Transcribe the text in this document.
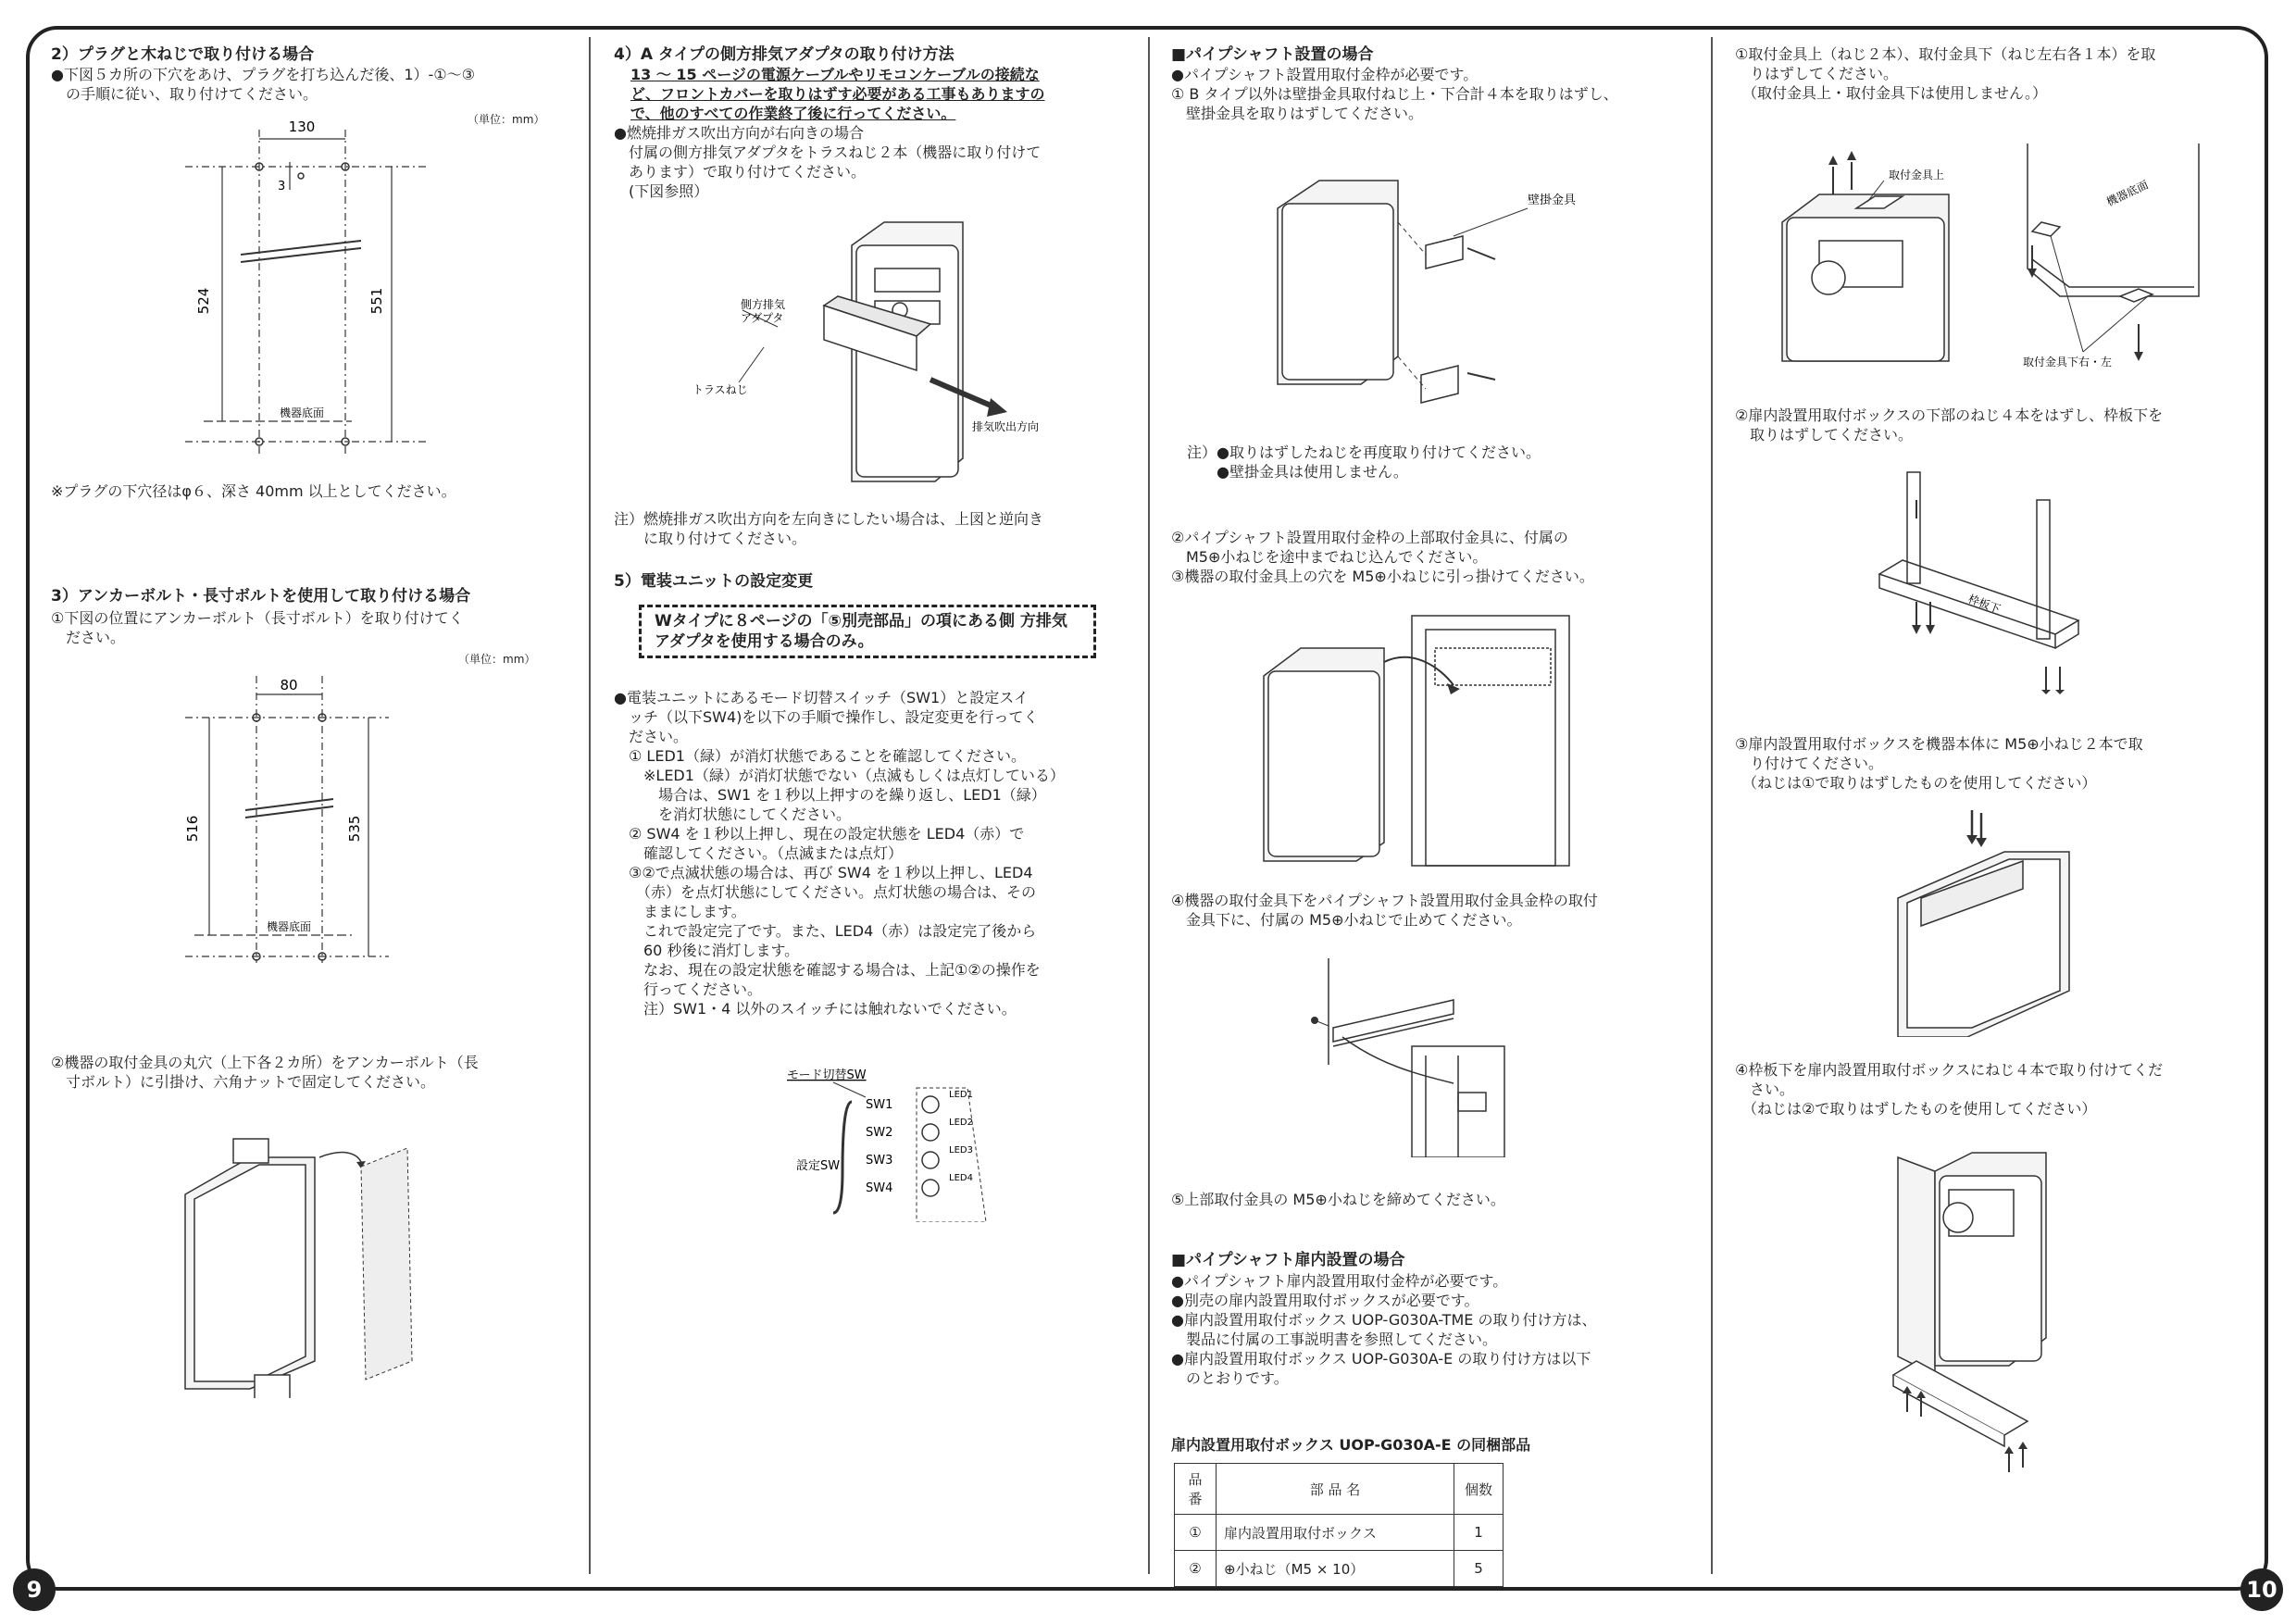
9	10

2）プラグと木ねじで取り付ける場合

●下図５カ所の下穴をあけ、プラグを打ち込んだ後、1）-①～③
　の手順に従い、取り付けてください。

（単位：mm）
130
3
524	551
機器底面

※プラグの下穴径はφ６、深さ 40mm 以上としてください。

3）アンカーボルト・長寸ボルトを使用して取り付ける場合

①下図の位置にアンカーボルト（長寸ボルト）を取り付けてく
　ださい。

（単位：mm）
80
516	535
機器底面

②機器の取付金具の丸穴（上下各２カ所）をアンカーボルト（長
　寸ボルト）に引掛け、六角ナットで固定してください。

4）A タイプの側方排気アダプタの取り付け方法

13 ～ 15 ページの電源ケーブルやリモコンケーブルの接続な
ど、フロントカバーを取りはずす必要がある工事もありますの
で、他のすべての作業終了後に行ってください。

●燃焼排ガス吹出方向が右向きの場合
　付属の側方排気アダプタをトラスねじ２本（機器に取り付けて
　あります）で取り付けてください。
　(下図参照）

側方排気アダプタ
トラスねじ
排気吹出方向

注）燃焼排ガス吹出方向を左向きにしたい場合は、上図と逆向き
　　に取り付けてください。

5）電装ユニットの設定変更

Wタイプに８ページの「⑤別売部品」の項にある側 方排気アダプタを使用する場合のみ。

●電装ユニットにあるモード切替スイッチ（SW1）と設定スイ
　ッチ（以下SW4)を以下の手順で操作し、設定変更を行ってく
　ださい。
　① LED1（緑）が消灯状態であることを確認してください。
　　※LED1（緑）が消灯状態でない（点滅もしくは点灯している）
　　　場合は、SW1 を１秒以上押すのを繰り返し、LED1（緑）
　　　を消灯状態にしてください。
　② SW4 を１秒以上押し、現在の設定状態を LED4（赤）で
　　確認してください。（点滅または点灯）
　③②で点滅状態の場合は、再び SW4 を１秒以上押し、LED4
　　（赤）を点灯状態にしてください。点灯状態の場合は、その
　　ままにします。
　　これで設定完了です。また、LED4（赤）は設定完了後から
　　60 秒後に消灯します。
　　なお、現在の設定状態を確認する場合は、上記①②の操作を
　　行ってください。
　　注）SW1・4 以外のスイッチには触れないでください。

モード切替SW
設定SW
SW1
SW2
SW3
SW4
LED1
LED2
LED3
LED4

■パイプシャフト設置の場合

●パイプシャフト設置用取付金枠が必要です。
① B タイプ以外は壁掛金具取付ねじ上・下合計４本を取りはずし、
　壁掛金具を取りはずしてください。

壁掛金具

注）●取りはずしたねじを再度取り付けてください。
　　●壁掛金具は使用しません。

②パイプシャフト設置用取付金枠の上部取付金具に、付属の
　M5⊕小ねじを途中までねじ込んでください。
③機器の取付金具上の穴を M5⊕小ねじに引っ掛けてください。

④機器の取付金具下をパイプシャフト設置用取付金具金枠の取付
　金具下に、付属の M5⊕小ねじで止めてください。

⑤上部取付金具の M5⊕小ねじを締めてください。

■パイプシャフト扉内設置の場合

●パイプシャフト扉内設置用取付金枠が必要です。
●別売の扉内設置用取付ボックスが必要です。
●扉内設置用取付ボックス UOP-G030A-TME の取り付け方は、
　製品に付属の工事説明書を参照してください。
●扉内設置用取付ボックス UOP-G030A-E の取り付け方は以下
　のとおりです。

扉内設置用取付ボックス UOP-G030A-E の同梱部品

品番	部 品 名	個数
①	扉内設置用取付ボックス	1
②	⊕小ねじ（M5 × 10）	5

①取付金具上（ねじ２本）、取付金具下（ねじ左右各１本）を取
　りはずしてください。
　（取付金具上・取付金具下は使用しません。）

取付金具上
機器底面
取付金具下右・左

②扉内設置用取付ボックスの下部のねじ４本をはずし、枠板下を
　取りはずしてください。

枠板下

③扉内設置用取付ボックスを機器本体に M5⊕小ねじ２本で取
　り付けてください。
　（ねじは①で取りはずしたものを使用してください）

④枠板下を扉内設置用取付ボックスにねじ４本で取り付けてくだ
　さい。
　（ねじは②で取りはずしたものを使用してください）
